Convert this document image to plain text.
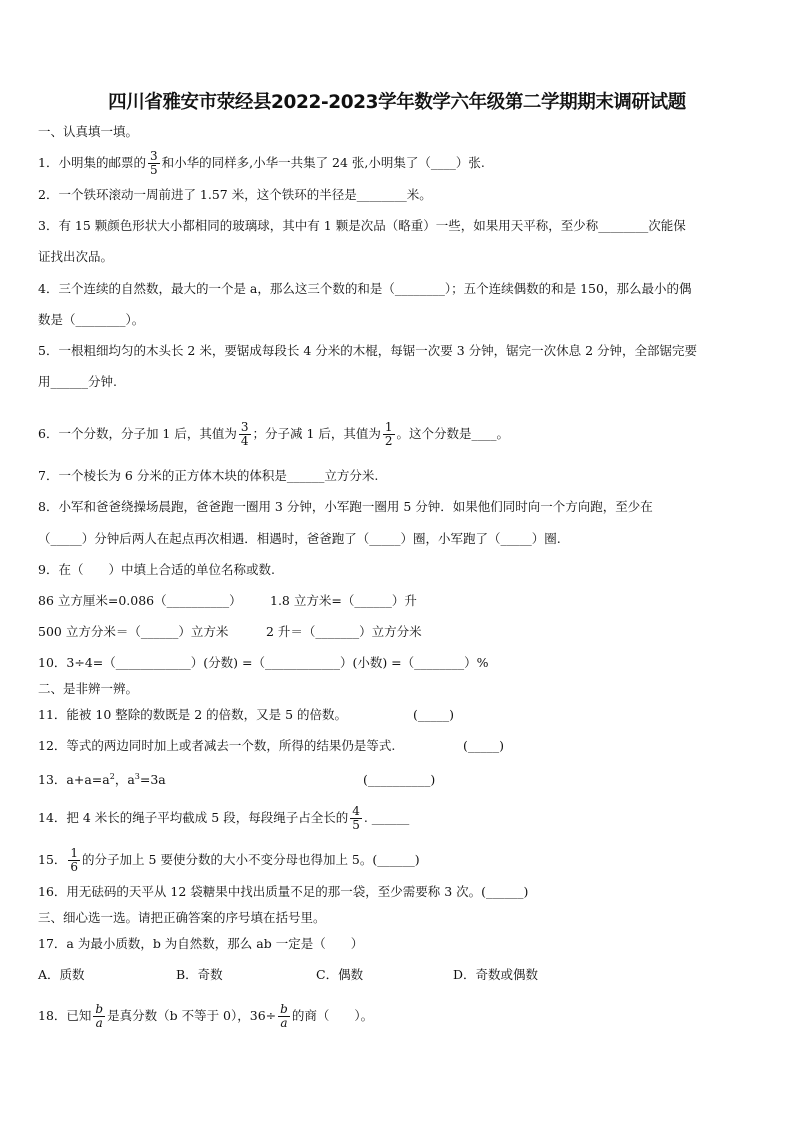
四川省雅安市荥经县2022-2023学年数学六年级第二学期期末调研试题
一、认真填一填。
1．小明集的邮票的 $\frac{3}{5}$ 和小华的同样多,小华一共集了 24 张,小明集了（____）张.
2．一个铁环滚动一周前进了 1.57 米，这个铁环的半径是________米。
3．有 15 颗颜色形状大小都相同的玻璃球，其中有 1 颗是次品（略重）一些，如果用天平称，至少称________次能保
证找出次品。
4．三个连续的自然数，最大的一个是 a，那么这三个数的和是（________）；五个连续偶数的和是 150，那么最小的偶
数是（________）。
5．一根粗细均匀的木头长 2 米，要锯成每段长 4 分米的木棍，每锯一次要 3 分钟，锯完一次休息 2 分钟，全部锯完要
用______分钟.
6．一个分数，分子加 1 后，其值为 $\frac{3}{4}$ ；分子减 1 后，其值为 $\frac{1}{2}$ 。这个分数是____。
7．一个棱长为 6 分米的正方体木块的体积是______立方分米.
8．小军和爸爸绕操场晨跑，爸爸跑一圈用 3 分钟，小军跑一圈用 5 分钟．如果他们同时向一个方向跑，至少在
（_____）分钟后两人在起点再次相遇．相遇时，爸爸跑了（_____）圈，小军跑了（_____）圈.
9．在（　　）中填上合适的单位名称或数.
86 立方厘米=0.086（__________） 1.8 立方米=（______）升
500 立方分米＝（______）立方米	2 升＝（_______）立方分米
10．3÷4=（____________）(分数) =（____________）(小数) =（________）%
二、是非辨一辨。
11．能被 10 整除的数既是 2 的倍数，又是 5 的倍数。	(_____)
12．等式的两边同时加上或者减去一个数，所得的结果仍是等式.	(_____)
13．$a+a=a^2$，$a^3=3a$	(__________)
14．把 4 米长的绳子平均截成 5 段，每段绳子占全长的 $\frac{4}{5}$ . ______
15． $\frac{1}{6}$ 的分子加上 5 要使分数的大小不变分母也得加上 5。(______)
16．用无砝码的天平从 12 袋糖果中找出质量不足的那一袋，至少需要称 3 次。(______)
三、细心选一选。请把正确答案的序号填在括号里。
17．a 为最小质数，b 为自然数，那么 ab 一定是（　　）
A．质数	B．奇数	C．偶数	D．奇数或偶数
18．已知 $\frac{b}{a}$ 是真分数（b 不等于 0），$36\div \frac{b}{a}$ 的商（　　）。
